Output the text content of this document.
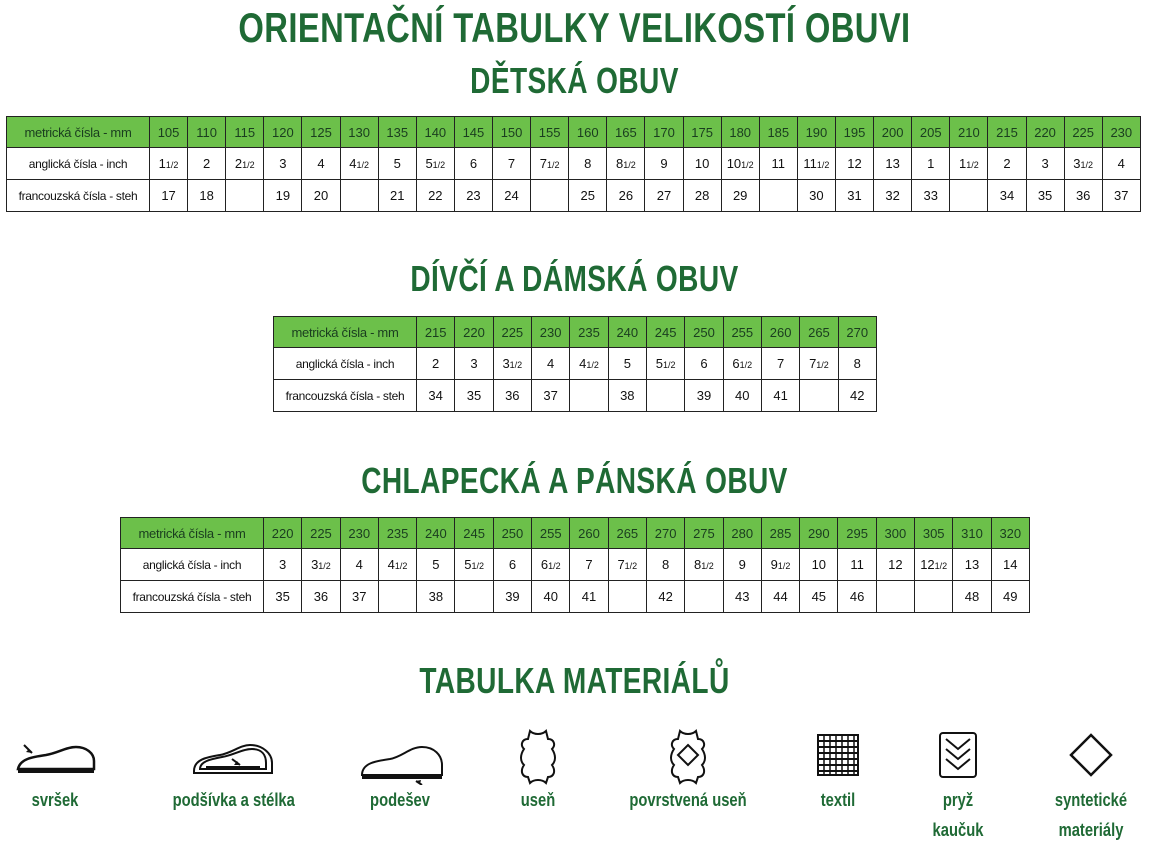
ORIENTAČNÍ TABULKY VELIKOSTÍ OBUVI
DĚTSKÁ OBUV
metrická čísla - mm	105	110	115	120	125	130	135	140	145	150	155	160	165	170	175	180	185	190	195	200	205	210	215	220	225	230
anglická čísla - inch	11/2	2	21/2	3	4	41/2	5	51/2	6	7	71/2	8	81/2	9	10	101/2	11	111/2	12	13	1	11/2	2	3	31/2	4
francouzská čísla - steh	17	18		19	20		21	22	23	24		25	26	27	28	29		30	31	32	33		34	35	36	37
DÍVČÍ A DÁMSKÁ OBUV
metrická čísla - mm	215	220	225	230	235	240	245	250	255	260	265	270
anglická čísla - inch	2	3	31/2	4	41/2	5	51/2	6	61/2	7	71/2	8
francouzská čísla - steh	34	35	36	37		38		39	40	41		42
CHLAPECKÁ A PÁNSKÁ OBUV
metrická čísla - mm	220	225	230	235	240	245	250	255	260	265	270	275	280	285	290	295	300	305	310	320
anglická čísla - inch	3	31/2	4	41/2	5	51/2	6	61/2	7	71/2	8	81/2	9	91/2	10	11	12	121/2	13	14
francouzská čísla - steh	35	36	37		38		39	40	41		42		43	44	45	46			48	49
TABULKA MATERIÁLŮ
svršek	podšívka a stélka	podešev	useň	povrstvená useň	textil	pryž
kaučuk
syntetické
materiály
